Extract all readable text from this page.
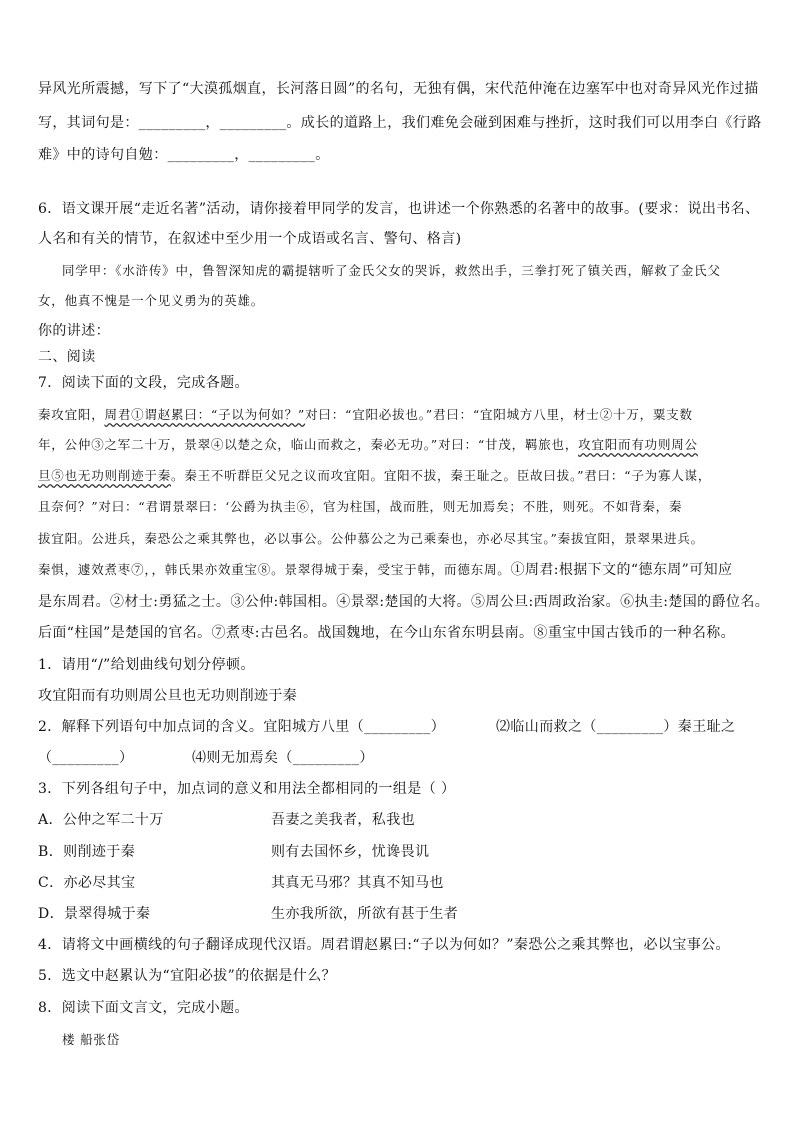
异风光所震撼，写下了“大漠孤烟直，长河落日圆”的名句，无独有偶，宋代范仲淹在边塞军中也对奇异风光作过描
写，其词句是：_________，_________。成长的道路上，我们难免会碰到困难与挫折，这时我们可以用李白《行路
难》中的诗句自勉：_________，_________。
6．语文课开展“走近名著”活动，请你接着甲同学的发言，也讲述一个你熟悉的名著中的故事。(要求：说出书名、
人名和有关的情节，在叙述中至少用一个成语或名言、警句、格言)
同学甲：《水浒传》中，鲁智深知虎的霸提辖听了金氏父女的哭诉，救然出手，三拳打死了镇关西，解救了金氏父
女，他真不愧是一个见义勇为的英雄。
你的讲述：
二、阅读
7．阅读下面的文段，完成各题。
秦攻宜阳，周君①谓赵累曰：“子以为何如？”对曰：“宜阳必拔也。”君曰：“宜阳城方八里，材士②十万，粟支数
年，公仲③之军二十万，景翠④以楚之众，临山而救之，秦必无功。”对曰：“甘茂，羁旅也，攻宜阳而有功则周公
旦⑤也无功则削迹于秦。秦王不听群臣父兄之议而攻宜阳。宜阳不拔，秦王耻之。臣故曰拔。”君曰：“子为寡人谋，
且奈何？”对曰：“君谓景翠曰：‘公爵为执圭⑥，官为柱国，战而胜，则无加焉矣；不胜，则死。不如背秦，秦
拔宜阳。公进兵，秦恐公之乘其弊也，必以事公。公仲慕公之为己乘秦也，亦必尽其宝。”秦拔宜阳，景翠果进兵。
秦惧，遽效煮枣⑦，，韩氏果亦效重宝⑧。景翠得城于秦，受宝于韩，而德东周。①周君:根据下文的“德东周”可知应
是东周君。②材士:勇猛之士。③公仲:韩国相。④景翠:楚国的大将。⑤周公旦:西周政治家。⑥执圭:楚国的爵位名。
后面“柱国”是楚国的官名。⑦煮枣:古邑名。战国魏地，在今山东省东明县南。⑧重宝中国古钱币的一种名称。
1．请用“/”给划曲线句划分停顿。
攻宜阳而有功则周公旦也无功则削迹于秦
2．解释下列语句中加点词的含义。宜阳城方八里（_________）	⑵临山而救之（_________）秦王耻之
（_________）	⑷则无加焉矣（_________）
3．下列各组句子中，加点词的意义和用法全都相同的一组是（ ）
A．公仲之军二十万	吾妻之美我者，私我也
B．则削迹于秦	则有去国怀乡，忧谗畏讥
C．亦必尽其宝	其真无马邪？其真不知马也
D．景翠得城于秦	生亦我所欲，所欲有甚于生者
4．请将文中画横线的句子翻译成现代汉语。周君谓赵累曰:“子以为何如？”秦恐公之乘其弊也，必以宝事公。
5．选文中赵累认为“宜阳必拔”的依据是什么？
8．阅读下面文言文，完成小题。
楼 船张岱
